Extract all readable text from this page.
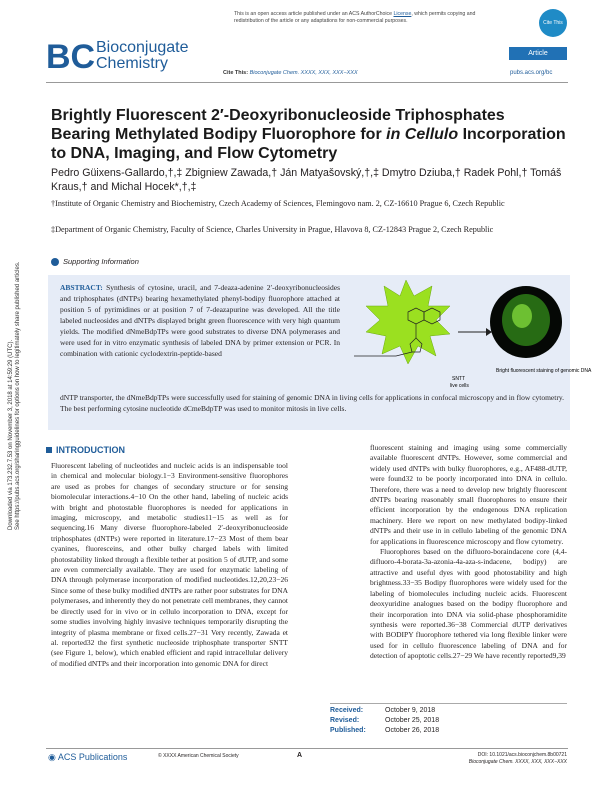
This is an open access article published under an ACS AuthorChoice License, which permits copying and redistribution of the article or any adaptations for non-commercial purposes.	Cite This
BC Bioconjugate
Chemistry
Article
Cite This: Bioconjugate Chem. XXXX, XXX, XXX−XXX	pubs.acs.org/bc
Downloaded via 173.232.7.53 on November 3, 2018 at 14:59:29 (UTC). See https://pubs.acs.org/sharingguidelines for options on how to legitimately share published articles.
Brightly Fluorescent 2′-Deoxyribonucleoside Triphosphates Bearing Methylated Bodipy Fluorophore for in Cellulo Incorporation to DNA, Imaging, and Flow Cytometry
Pedro Güixens-Gallardo,†,‡ Zbigniew Zawada,† Ján Matyašovský,†,‡ Dmytro Dziuba,† Radek Pohl,† Tomáš Kraus,† and Michal Hocek*,†,‡
†Institute of Organic Chemistry and Biochemistry, Czech Academy of Sciences, Flemingovo nam. 2, CZ-16610 Prague 6, Czech Republic
‡Department of Organic Chemistry, Faculty of Science, Charles University in Prague, Hlavova 8, CZ-12843 Prague 2, Czech Republic
Supporting Information
ABSTRACT: Synthesis of cytosine, uracil, and 7-deaza-adenine 2′-deoxyribonucleosides and triphosphates (dNTPs) bearing hexamethylated phenyl-bodipy fluorophore attached at position 5 of pyrimidines or at position 7 of 7-deazapurine was developed. All the title labeled nucleosides and dNTPs displayed bright green fluorescence with very high quantum yields. The modified dNmeBdpTPs were good substrates to diverse DNA polymerases and were used for in vitro enzymatic synthesis of labeled DNA by primer extension or PCR. In combination with cationic cyclodextrin-peptide-based
dNTP transporter, the dNmeBdpTPs were successfully used for staining of genomic DNA in living cells for applications in confocal microscopy and in flow cytometry. The best performing cytosine nucleotide dCmeBdpTP was used to monitor mitosis in live cells.
SNTT
live cells
Bright fluorescent staining of genomic DNA
INTRODUCTION
Fluorescent labeling of nucleotides and nucleic acids is an indispensable tool in chemical and molecular biology.1−3 Environment-sensitive fluorophores are used as probes for changes of secondary structure or for sensing biomolecular interactions.4−10 On the other hand, labeling of nucleic acids with bright and photostable fluorophores is needed for applications in imaging, microscopy, and metabolic studies11−15 as well as for sequencing.16 Many diverse fluorophore-labeled 2′-deoxyribonucleoside triphosphates (dNTPs) were reported in literature.17−23 Most of them bear cyanines, fluoresceins, and other bulky charged labels with limited photostability linked through a flexible tether at position 5 of dUTP, and some are even commercially available. They are used for enzymatic labeling of DNA through polymerase incorporation of modified nucleotides.12,20,23−26 Since some of these bulky modified dNTPs are rather poor substrates for DNA polymerases, and inherently they do not penetrate cell membranes, they cannot be directly used for in vivo or in cellulo incorporation to DNA, except for some studies involving highly invasive techniques temporarily disrupting the integrity of plasma membrane or fixed cells.27−31 Very recently, Zawada et al. reported32 the first synthetic nucleoside triphosphate transporter SNTT (see Figure 1, below), which enabled efficient and rapid intracellular delivery of modified dNTPs and their incorporation into genomic DNA for direct
fluorescent staining and imaging using some commercially available fluorescent dNTPs. However, some commercial and widely used dNTPs with bulky fluorophores, e.g., AF488-dUTP, were found32 to be poorly incorporated into DNA in cellulo. Therefore, there was a need to develop new brightly fluorescent dNTPs bearing reasonably small fluorophores to ensure their efficient incorporation by the endogenous DNA replication machinery. Here we report on new methylated bodipy-linked dNTPs and their use in in cellulo labeling of the genomic DNA for applications in fluorescence microscopy and flow cytometry.
Fluorophores based on the difluoro-boraindacene core (4,4-difluoro-4-borata-3a-azonia-4a-aza-s-indacene, bodipy) are attractive and useful dyes with good photostability and high brightness.33−35 Bodipy fluorophores were widely used for the labeling of biomolecules including nucleic acids. Fluorescent deoxyuridine analogues based on the bodipy fluorophore and their incorporation into DNA via solid-phase phosphoramidite synthesis were reported.36−38 Commercial dUTP derivatives with BODIPY fluorophore tethered via long flexible linker were used for in cellulo fluorescence labeling of DNA and for detection of apoptotic cells.27−29 We have recently reported9,39
Received:	October 9, 2018
Revised:	October 25, 2018
Published:	October 26, 2018
◉ ACS Publications	© XXXX American Chemical Society	A	DOI: 10.1021/acs.bioconjchem.8b00721
Bioconjugate Chem. XXXX, XXX, XXX−XXX
